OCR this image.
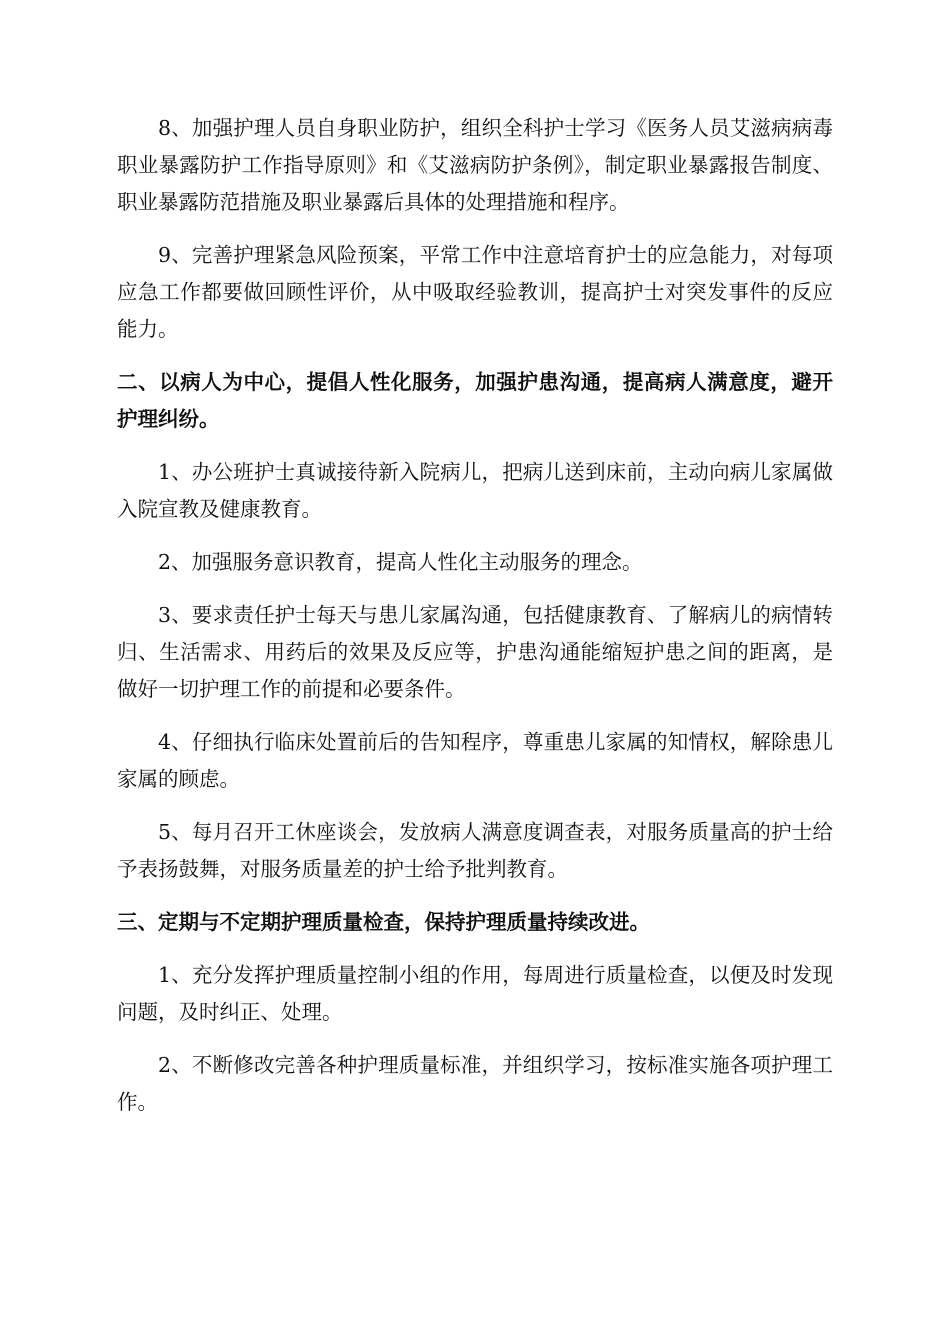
8、加强护理人员自身职业防护，组织全科护士学习《医务人员艾滋病病毒职业暴露防护工作指导原则》和《艾滋病防护条例》，制定职业暴露报告制度、职业暴露防范措施及职业暴露后具体的处理措施和程序。

9、完善护理紧急风险预案，平常工作中注意培育护士的应急能力，对每项应急工作都要做回顾性评价，从中吸取经验教训，提高护士对突发事件的反应能力。

二、以病人为中心，提倡人性化服务，加强护患沟通，提高病人满意度，避开护理纠纷。

1、办公班护士真诚接待新入院病儿，把病儿送到床前，主动向病儿家属做入院宣教及健康教育。

2、加强服务意识教育，提高人性化主动服务的理念。

3、要求责任护士每天与患儿家属沟通，包括健康教育、了解病儿的病情转归、生活需求、用药后的效果及反应等，护患沟通能缩短护患之间的距离，是做好一切护理工作的前提和必要条件。

4、仔细执行临床处置前后的告知程序，尊重患儿家属的知情权，解除患儿家属的顾虑。

5、每月召开工休座谈会，发放病人满意度调查表，对服务质量高的护士给予表扬鼓舞，对服务质量差的护士给予批判教育。

三、定期与不定期护理质量检查，保持护理质量持续改进。

1、充分发挥护理质量控制小组的作用，每周进行质量检查，以便及时发现问题，及时纠正、处理。

2、不断修改完善各种护理质量标准，并组织学习，按标准实施各项护理工作。
